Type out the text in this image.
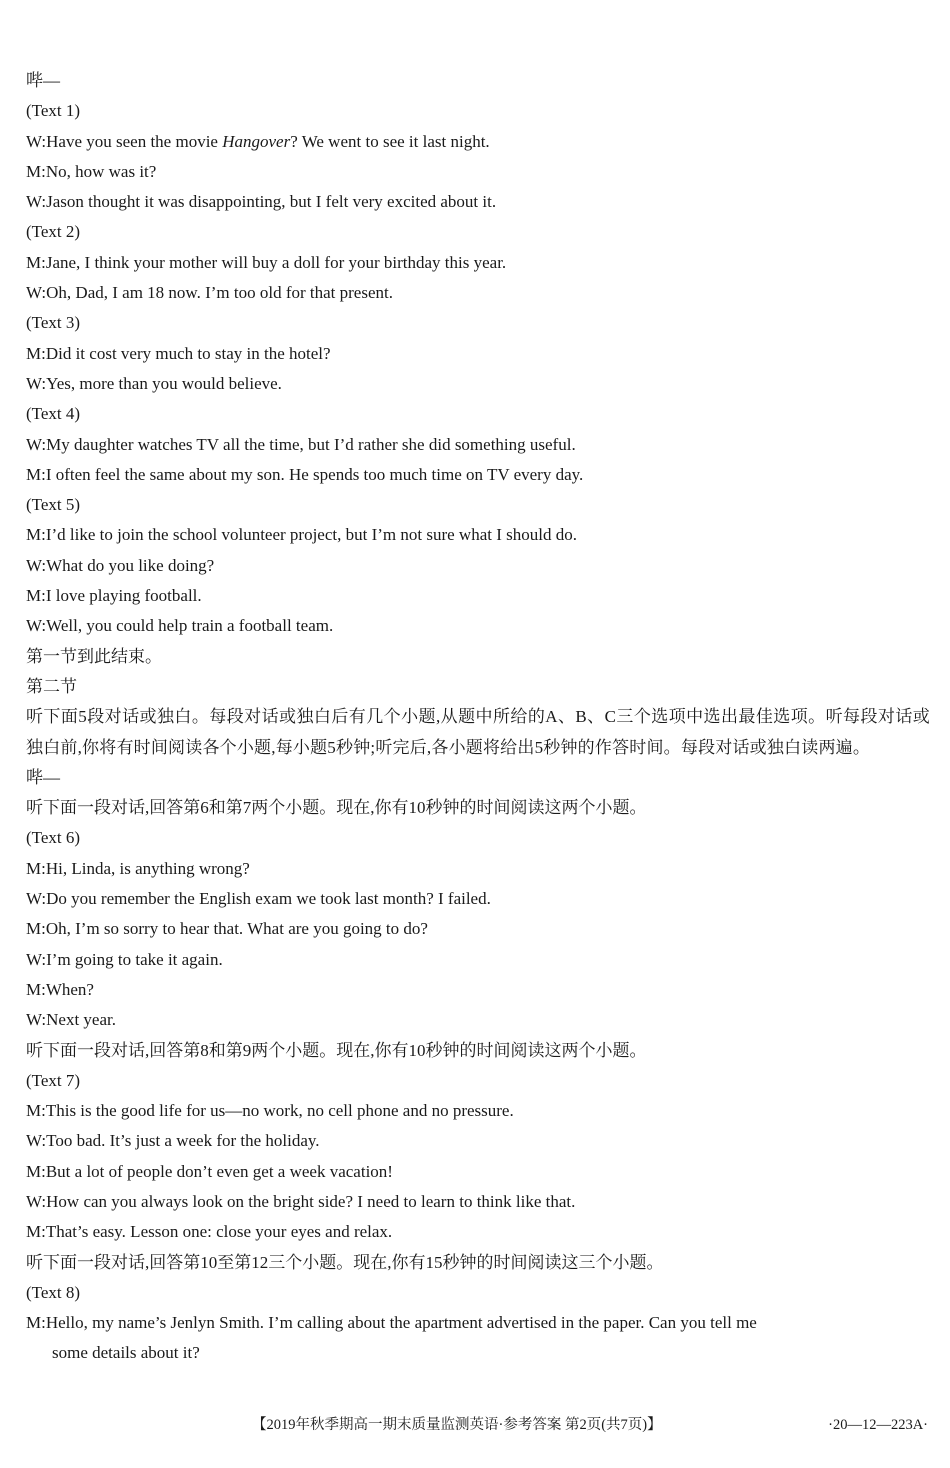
哔—
(Text 1)
W:Have you seen the movie Hangover? We went to see it last night.
M:No, how was it?
W:Jason thought it was disappointing, but I felt very excited about it.
(Text 2)
M:Jane, I think your mother will buy a doll for your birthday this year.
W:Oh, Dad, I am 18 now. I’m too old for that present.
(Text 3)
M:Did it cost very much to stay in the hotel?
W:Yes, more than you would believe.
(Text 4)
W:My daughter watches TV all the time, but I’d rather she did something useful.
M:I often feel the same about my son. He spends too much time on TV every day.
(Text 5)
M:I’d like to join the school volunteer project, but I’m not sure what I should do.
W:What do you like doing?
M:I love playing football.
W:Well, you could help train a football team.
第一节到此结束。
第二节
听下面5段对话或独白。每段对话或独白后有几个小题,从题中所给的A、B、C三个选项中选出最佳选项。听每段对话或独白前,你将有时间阅读各个小题,每小题5秒钟;听完后,各小题将给出5秒钟的作答时间。每段对话或独白读两遍。
哔—
听下面一段对话,回答第6和第7两个小题。现在,你有10秒钟的时间阅读这两个小题。
(Text 6)
M:Hi, Linda, is anything wrong?
W:Do you remember the English exam we took last month? I failed.
M:Oh, I’m so sorry to hear that. What are you going to do?
W:I’m going to take it again.
M:When?
W:Next year.
听下面一段对话,回答第8和第9两个小题。现在,你有10秒钟的时间阅读这两个小题。
(Text 7)
M:This is the good life for us—no work, no cell phone and no pressure.
W:Too bad. It’s just a week for the holiday.
M:But a lot of people don’t even get a week vacation!
W:How can you always look on the bright side? I need to learn to think like that.
M:That’s easy. Lesson one: close your eyes and relax.
听下面一段对话,回答第10至第12三个小题。现在,你有15秒钟的时间阅读这三个小题。
(Text 8)
M:Hello, my name’s Jenlyn Smith. I’m calling about the apartment advertised in the paper. Can you tell me
some details about it?
【2019年秋季期高一期末质量监测英语·参考答案 第2页(共7页)】	·20—12—223A·
